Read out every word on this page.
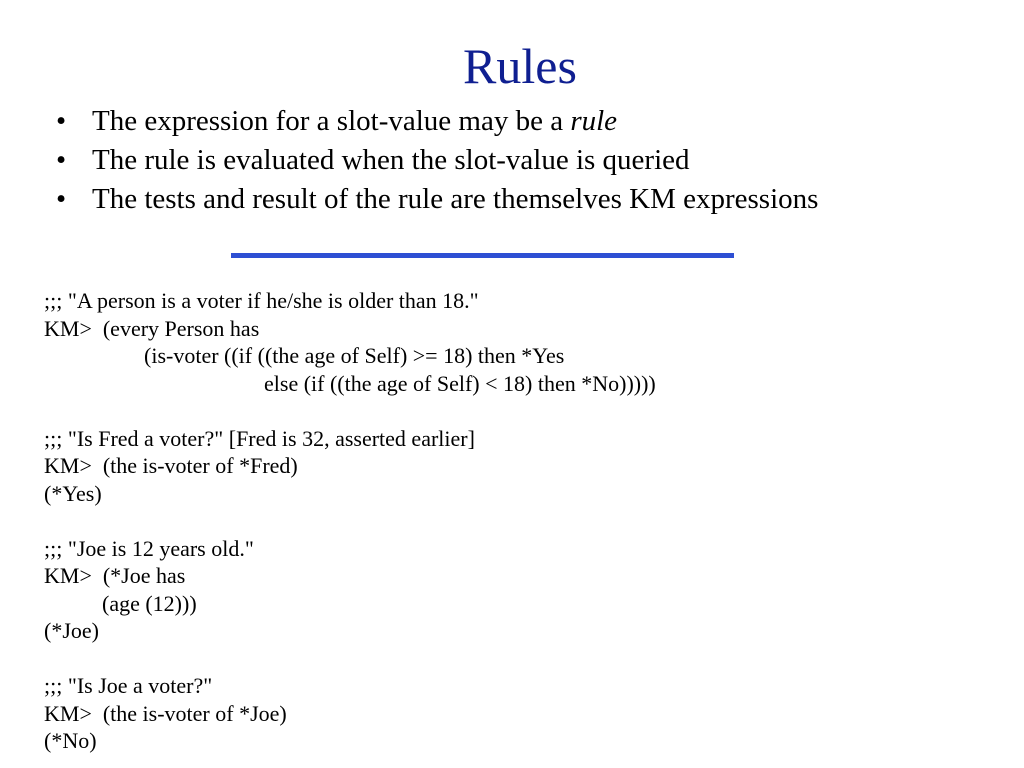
Rules
• The expression for a slot-value may be a rule
• The rule is evaluated when the slot-value is queried
• The tests and result of the rule are themselves KM expressions
;;; "A person is a voter if he/she is older than 18."
KM>  (every Person has
(is-voter ((if ((the age of Self) >= 18) then *Yes
else (if ((the age of Self) < 18) then *No)))))
;;; "Is Fred a voter?" [Fred is 32, asserted earlier]
KM>  (the is-voter of *Fred)
(*Yes)
;;; "Joe is 12 years old."
KM>  (*Joe has
(age (12)))
(*Joe)
;;; "Is Joe a voter?"
KM>  (the is-voter of *Joe)
(*No)
